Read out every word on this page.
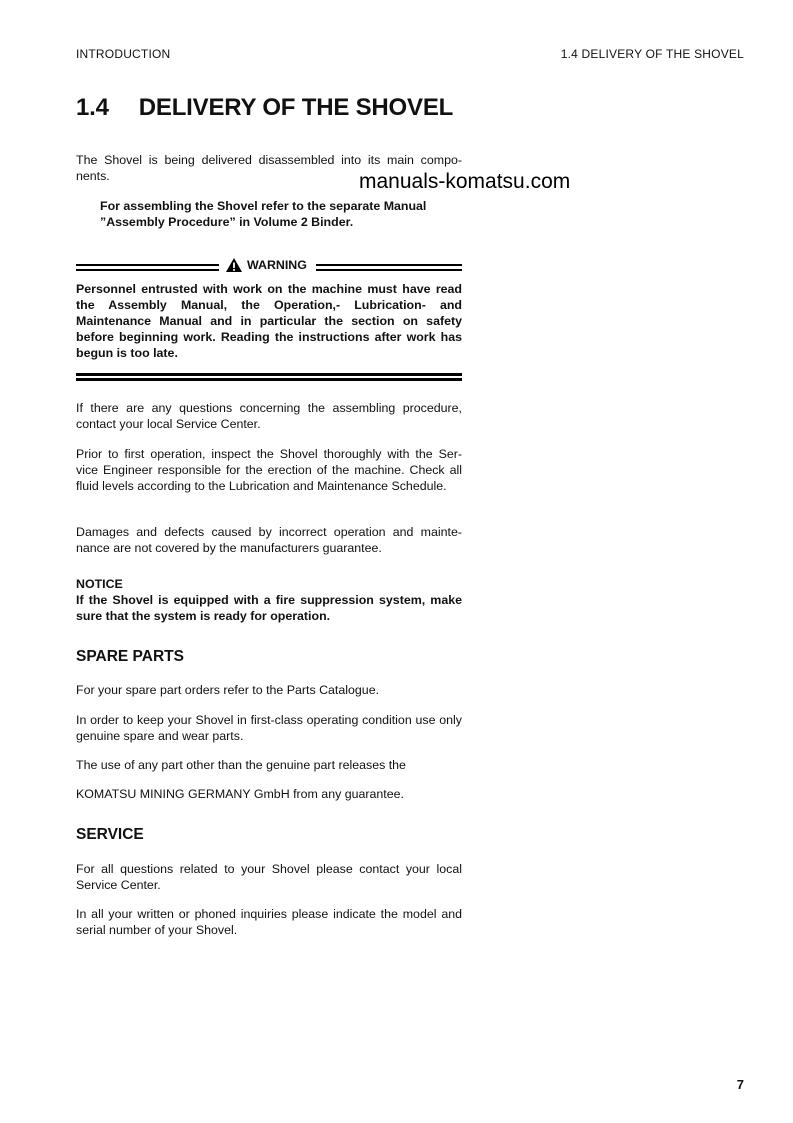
INTRODUCTION	1.4 DELIVERY OF THE SHOVEL
1.4 DELIVERY OF THE SHOVEL
The Shovel is being delivered disassembled into its main compo- nents.	manuals-komatsu.com
For assembling the Shovel refer to the separate Manual ”Assembly Procedure” in Volume 2 Binder.
WARNING
Personnel entrusted with work on the machine must have read the Assembly Manual, the Operation,- Lubrication- and Maintenance Manual and in particular the section on safety before beginning work. Reading the instructions after work has begun is too late.
If there are any questions concerning the assembling procedure, contact your local Service Center.
Prior to first operation, inspect the Shovel thoroughly with the Ser- vice Engineer responsible for the erection of the machine. Check all fluid levels according to the Lubrication and Maintenance Schedule.
Damages and defects caused by incorrect operation and mainte- nance are not covered by the manufacturers guarantee.
NOTICE
If the Shovel is equipped with a fire suppression system, make sure that the system is ready for operation.
SPARE PARTS
For your spare part orders refer to the Parts Catalogue.
In order to keep your Shovel in first-class operating condition use only genuine spare and wear parts.
The use of any part other than the genuine part releases the
KOMATSU MINING GERMANY GmbH from any guarantee.
SERVICE
For all questions related to your Shovel please contact your local Service Center.
In all your written or phoned inquiries please indicate the model and serial number of your Shovel.
7
